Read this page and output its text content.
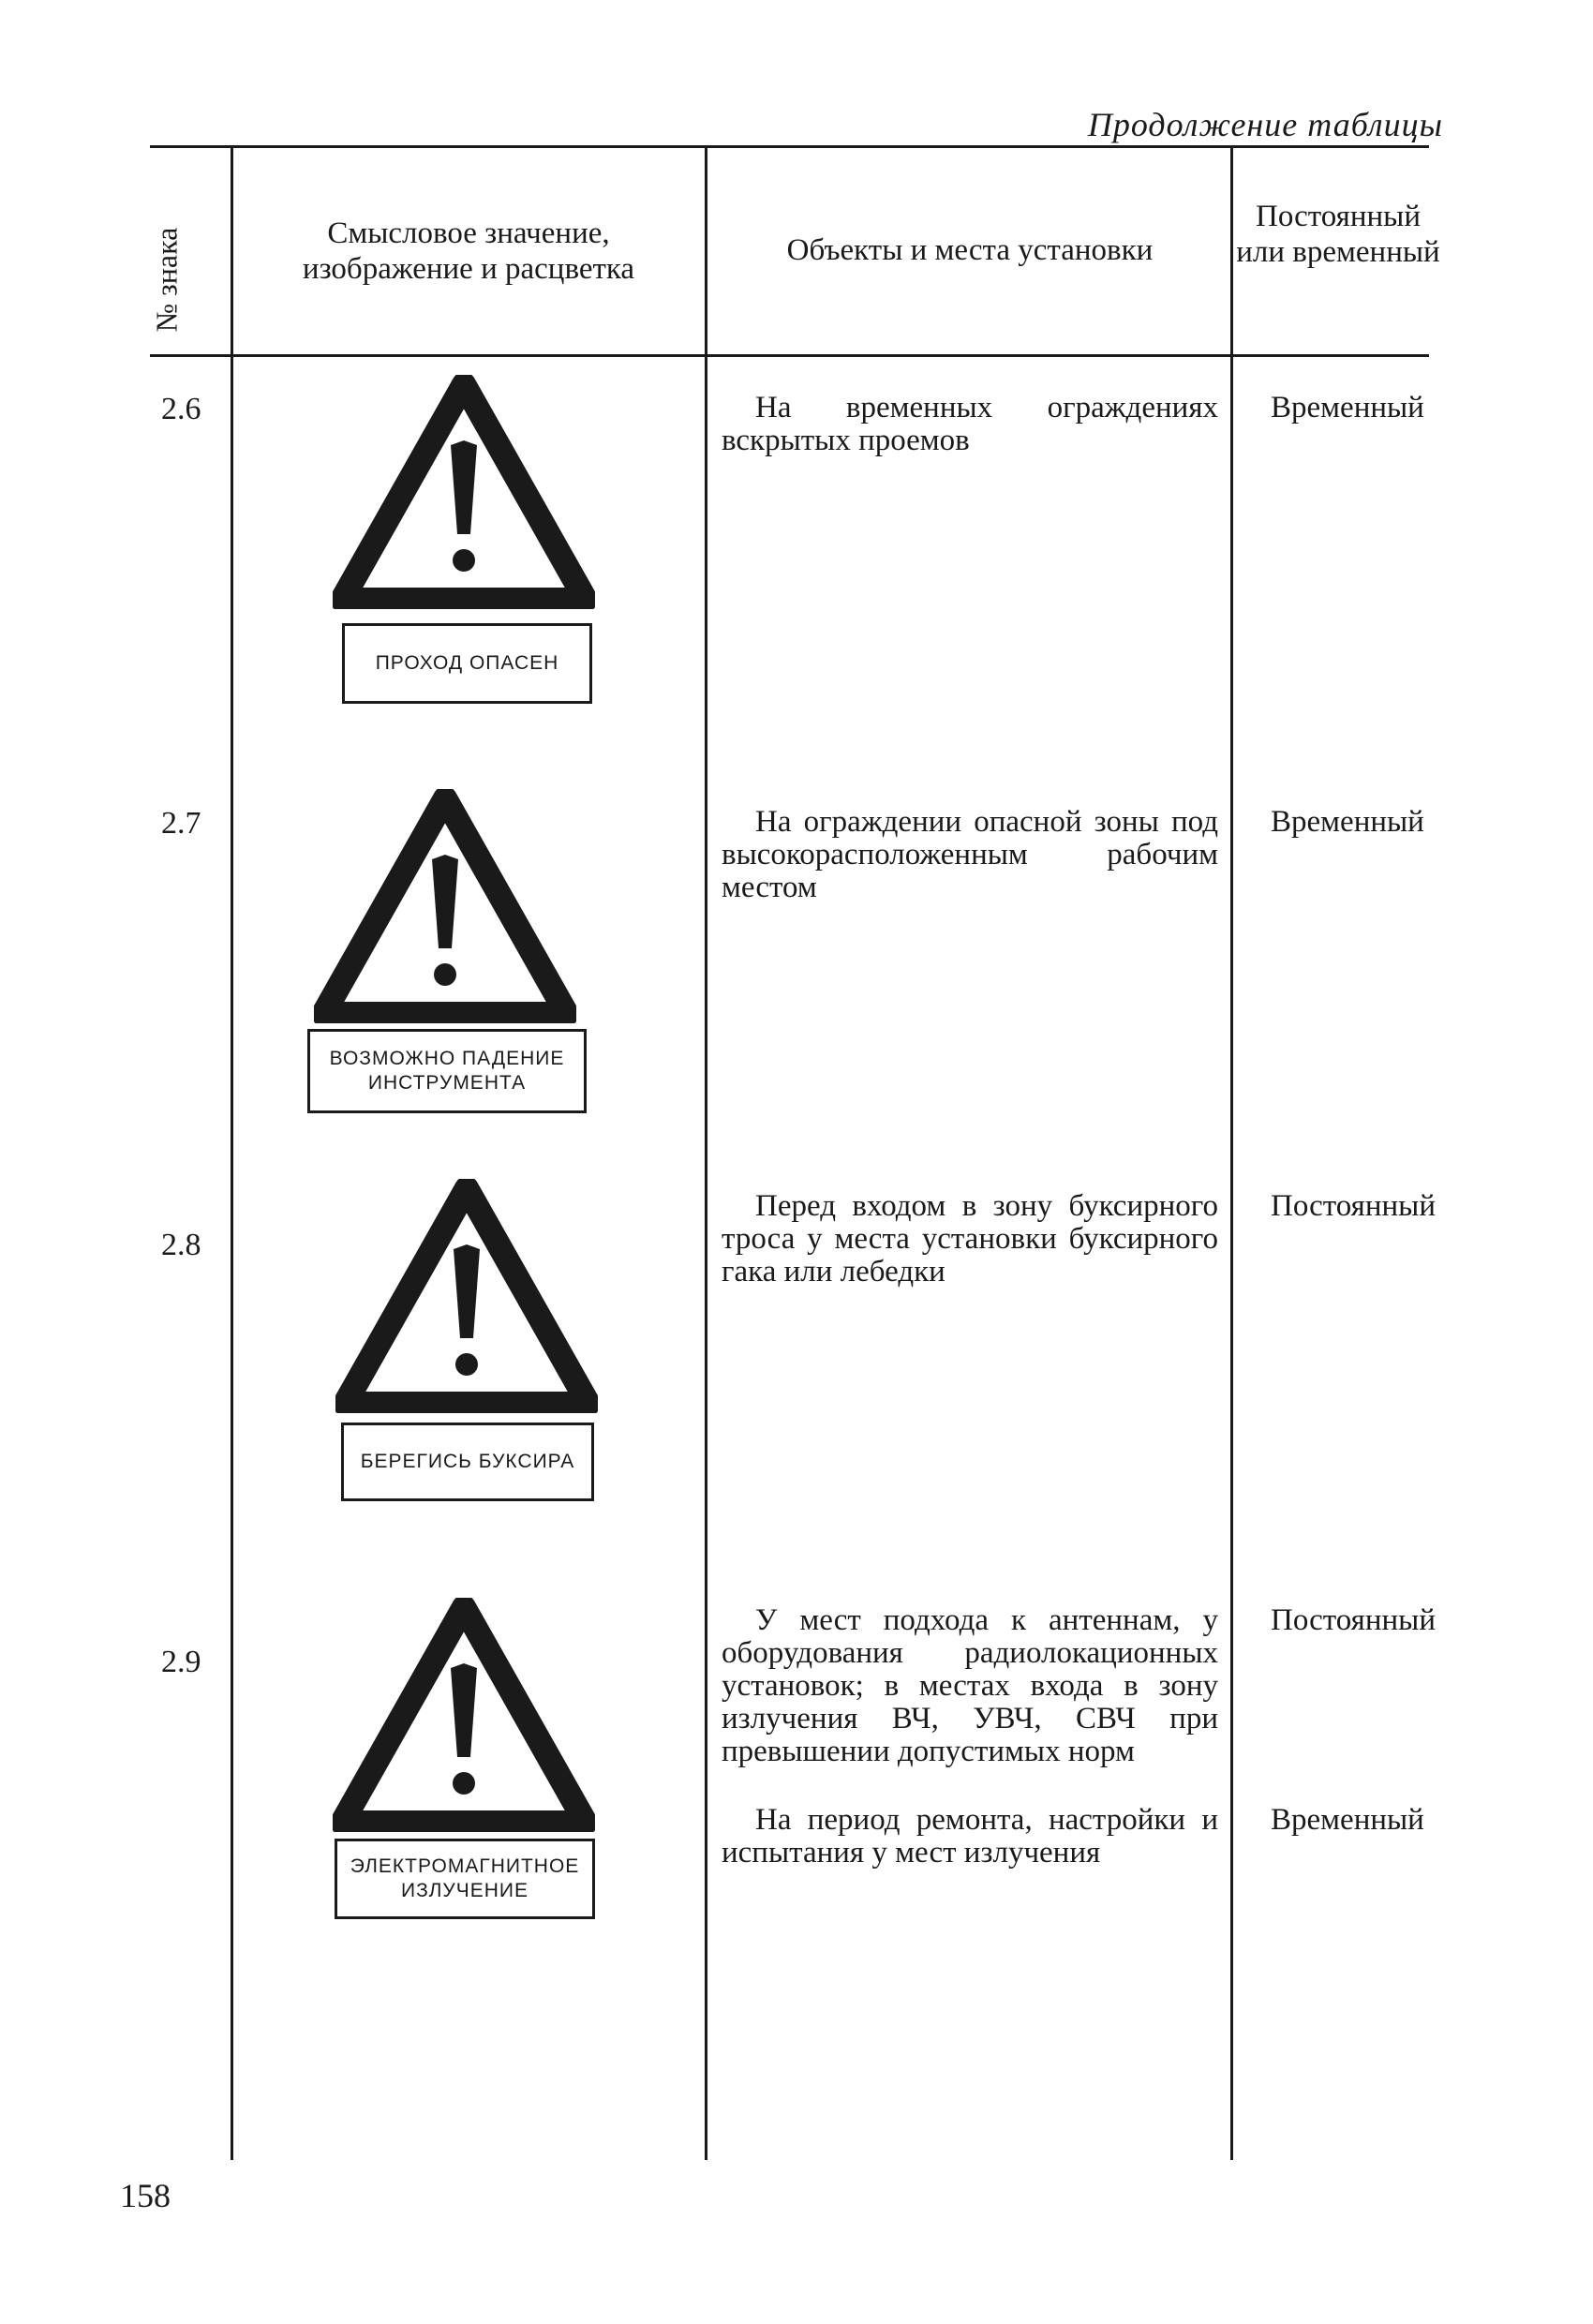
Продолжение таблицы
№ знака	Смысловое значение, изображение и расцветка
Объекты и места установки
Постоянный или временный
2.6
ПРОХОД ОПАСЕН
На временных ограждениях вскрытых проемов
Временный
2.7
ВОЗМОЖНО ПАДЕНИЕ ИНСТРУМЕНТА
На ограждении опасной зоны под высокорасположенным рабочим местом
Временный
2.8
БЕРЕГИСЬ БУКСИРА
Перед входом в зону буксирного троса у места установки буксирного гака или лебедки
Постоянный
2.9
ЭЛЕКТРОМАГНИТНОЕ ИЗЛУЧЕНИЕ
У мест подхода к антеннам, у оборудования радиолокационных установок; в местах входа в зону излучения ВЧ, УВЧ, СВЧ при превышении допустимых норм
На период ремонта, настройки и испытания у мест излучения
Постоянный
Временный
158
